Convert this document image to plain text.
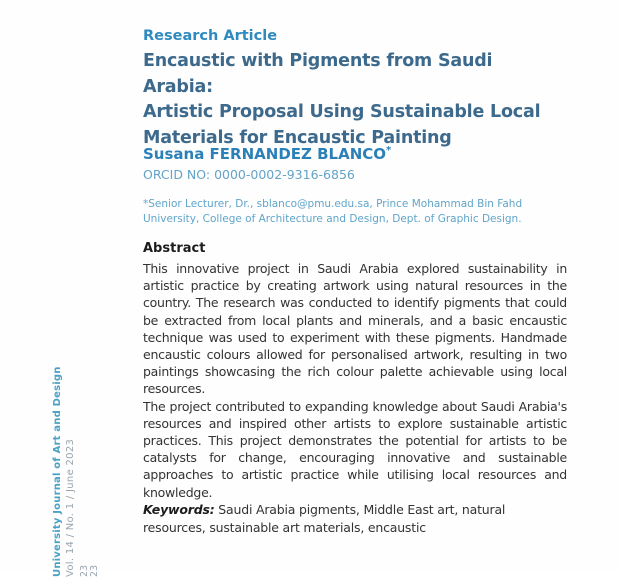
University Journal of Art and Design Vol. 14 / No. 1 / June 2023 23 23
Research Article
Encaustic with Pigments from Saudi Arabia:
Artistic Proposal Using Sustainable Local
Materials for Encaustic Painting
Susana FERNANDEZ BLANCO*
ORCID NO: 0000-0002-9316-6856
*Senior Lecturer, Dr., sblanco@pmu.edu.sa, Prince Mohammad Bin Fahd University, College of Architecture and Design, Dept. of Graphic Design.
Abstract

This innovative project in Saudi Arabia explored sustainability in artistic practice by creating artwork using natural resources in the country. The research was conducted to identify pigments that could be extracted from local plants and minerals, and a basic encaustic technique was used to experiment with these pigments. Handmade encaustic colours allowed for personalised artwork, resulting in two paintings showcasing the rich colour palette achievable using local resources.

The project contributed to expanding knowledge about Saudi Arabia's resources and inspired other artists to explore sustainable artistic practices. This project demonstrates the potential for artists to be catalysts for change, encouraging innovative and sustainable approaches to artistic practice while utilising local resources and knowledge.

Keywords: Saudi Arabia pigments, Middle East art, natural resources, sustainable art materials, encaustic
